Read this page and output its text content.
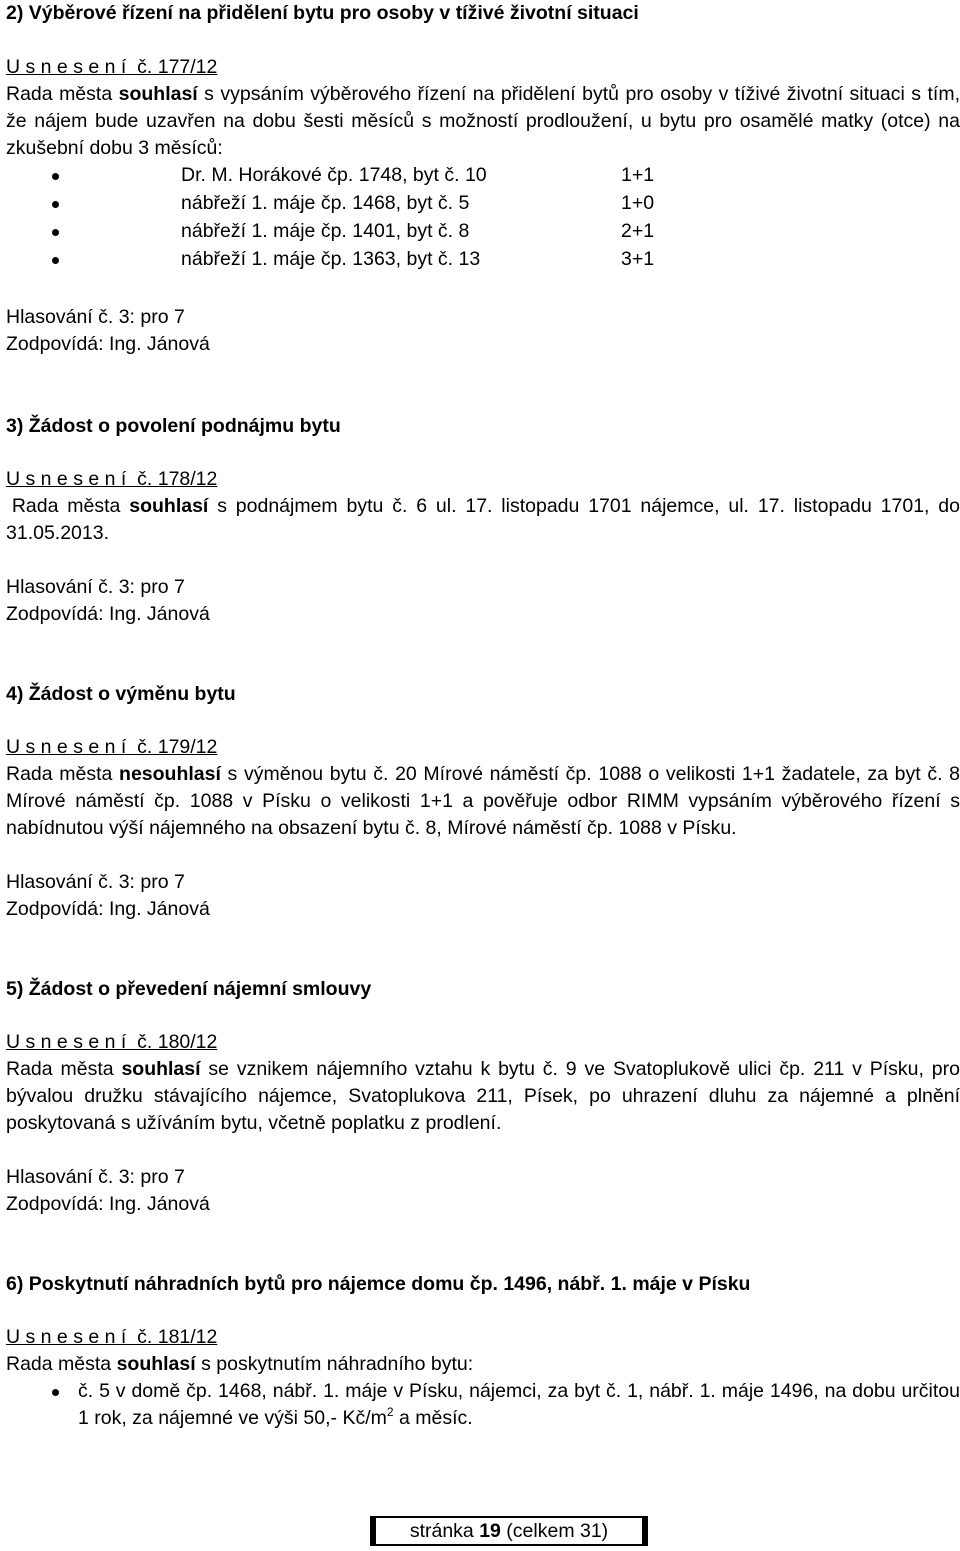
2) Výběrové řízení na přidělení bytu pro osoby v tíživé životní situaci

U s n e s e n í  č. 177/12

Rada města souhlasí s vypsáním výběrového řízení na přidělení bytů pro osoby v tíživé životní situaci s tím, že nájem bude uzavřen na dobu šesti měsíců s možností prodloužení, u bytu pro osamělé matky (otce) na zkušební dobu 3 měsíců:

Dr. M. Horákové čp. 1748, byt č. 10	1+1
nábřeží 1. máje čp. 1468, byt č. 5	1+0
nábřeží 1. máje čp. 1401, byt č. 8	2+1
nábřeží 1. máje čp. 1363, byt č. 13	3+1

Hlasování č. 3: pro 7

Zodpovídá: Ing. Jánová

3) Žádost o povolení podnájmu bytu

U s n e s e n í  č. 178/12

Rada města souhlasí s podnájmem bytu č. 6 ul. 17. listopadu 1701 nájemce, ul. 17. listopadu 1701, do 31.05.2013.

Hlasování č. 3: pro 7

Zodpovídá: Ing. Jánová

4) Žádost o výměnu bytu

U s n e s e n í  č. 179/12

Rada města nesouhlasí s výměnou bytu č. 20 Mírové náměstí čp. 1088 o velikosti 1+1 žadatele, za byt č. 8 Mírové náměstí čp. 1088 v Písku o velikosti 1+1 a pověřuje odbor RIMM vypsáním výběrového řízení s nabídnutou výší nájemného na obsazení bytu č. 8, Mírové náměstí čp. 1088 v Písku.

Hlasování č. 3: pro 7

Zodpovídá: Ing. Jánová

5) Žádost o převedení nájemní smlouvy

U s n e s e n í  č. 180/12

Rada města souhlasí se vznikem nájemního vztahu k bytu č. 9 ve Svatoplukově ulici čp. 211 v Písku, pro bývalou družku stávajícího nájemce, Svatoplukova 211, Písek, po uhrazení dluhu za nájemné a plnění poskytovaná s užíváním bytu, včetně poplatku z prodlení.

Hlasování č. 3: pro 7

Zodpovídá: Ing. Jánová

6) Poskytnutí náhradních bytů pro nájemce domu čp. 1496, nábř. 1. máje v Písku

U s n e s e n í  č. 181/12

Rada města souhlasí s poskytnutím náhradního bytu:

č. 5 v domě čp. 1468, nábř. 1. máje v Písku, nájemci, za byt č. 1, nábř. 1. máje 1496, na dobu určitou 1 rok, za nájemné ve výši 50,- $Kč/m^2$ a měsíc.
stránka 19 (celkem 31)
